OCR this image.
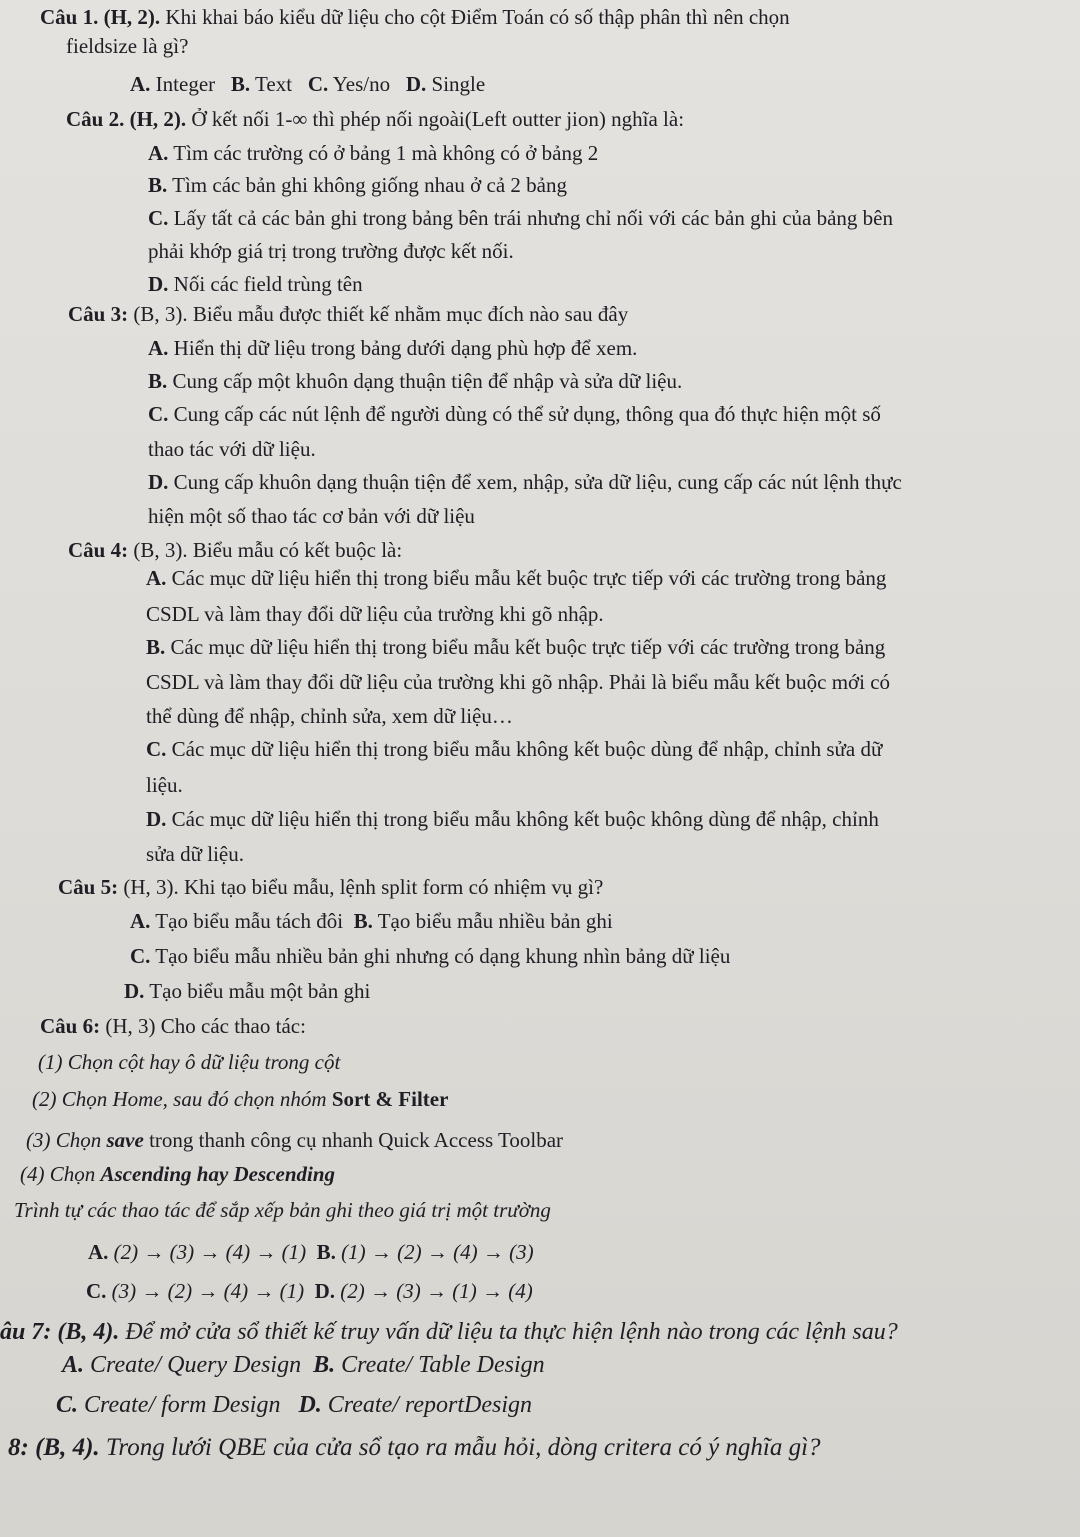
Câu 1. (H, 2). Khi khai báo kiểu dữ liệu cho cột Điểm Toán có số thập phân thì nên chọn
fieldsize là gì?
A. Integer B. Text C. Yes/no D. Single
Câu 2. (H, 2). Ở kết nối 1-∞ thì phép nối ngoài(Left outter jion) nghĩa là:
A. Tìm các trường có ở bảng 1 mà không có ở bảng 2
B. Tìm các bản ghi không giống nhau ở cả 2 bảng
C. Lấy tất cả các bản ghi trong bảng bên trái nhưng chỉ nối với các bản ghi của bảng bên
phải khớp giá trị trong trường được kết nối.
D. Nối các field trùng tên
Câu 3: (B, 3). Biểu mẫu được thiết kế nhằm mục đích nào sau đây
A. Hiển thị dữ liệu trong bảng dưới dạng phù hợp để xem.
B. Cung cấp một khuôn dạng thuận tiện để nhập và sửa dữ liệu.
C. Cung cấp các nút lệnh để người dùng có thể sử dụng, thông qua đó thực hiện một số
thao tác với dữ liệu.
D. Cung cấp khuôn dạng thuận tiện để xem, nhập, sửa dữ liệu, cung cấp các nút lệnh thực
hiện một số thao tác cơ bản với dữ liệu
Câu 4: (B, 3). Biểu mẫu có kết buộc là:
A. Các mục dữ liệu hiển thị trong biểu mẫu kết buộc trực tiếp với các trường trong bảng
CSDL và làm thay đổi dữ liệu của trường khi gõ nhập.
B. Các mục dữ liệu hiển thị trong biểu mẫu kết buộc trực tiếp với các trường trong bảng
CSDL và làm thay đổi dữ liệu của trường khi gõ nhập. Phải là biểu mẫu kết buộc mới có
thể dùng để nhập, chỉnh sửa, xem dữ liệu…
C. Các mục dữ liệu hiển thị trong biểu mẫu không kết buộc dùng để nhập, chỉnh sửa dữ
liệu.
D. Các mục dữ liệu hiển thị trong biểu mẫu không kết buộc không dùng để nhập, chỉnh
sửa dữ liệu.
Câu 5: (H, 3). Khi tạo biểu mẫu, lệnh split form có nhiệm vụ gì?
A. Tạo biểu mẫu tách đôi B. Tạo biểu mẫu nhiều bản ghi
C. Tạo biểu mẫu nhiều bản ghi nhưng có dạng khung nhìn bảng dữ liệu
D. Tạo biểu mẫu một bản ghi
Câu 6: (H, 3) Cho các thao tác:
(1) Chọn cột hay ô dữ liệu trong cột
(2) Chọn Home, sau đó chọn nhóm Sort & Filter
(3) Chọn save trong thanh công cụ nhanh Quick Access Toolbar
(4) Chọn Ascending hay Descending
Trình tự các thao tác để sắp xếp bản ghi theo giá trị một trường
A. (2) → (3) → (4) → (1) B. (1) → (2) → (4) → (3)
C. (3) → (2) → (4) → (1) D. (2) → (3) → (1) → (4)
âu 7: (B, 4). Để mở cửa sổ thiết kế truy vấn dữ liệu ta thực hiện lệnh nào trong các lệnh sau?
A. Create/ Query Design B. Create/ Table Design
C. Create/ form Design D. Create/ reportDesign
8: (B, 4). Trong lưới QBE của cửa sổ tạo ra mẫu hỏi, dòng critera có ý nghĩa gì?
